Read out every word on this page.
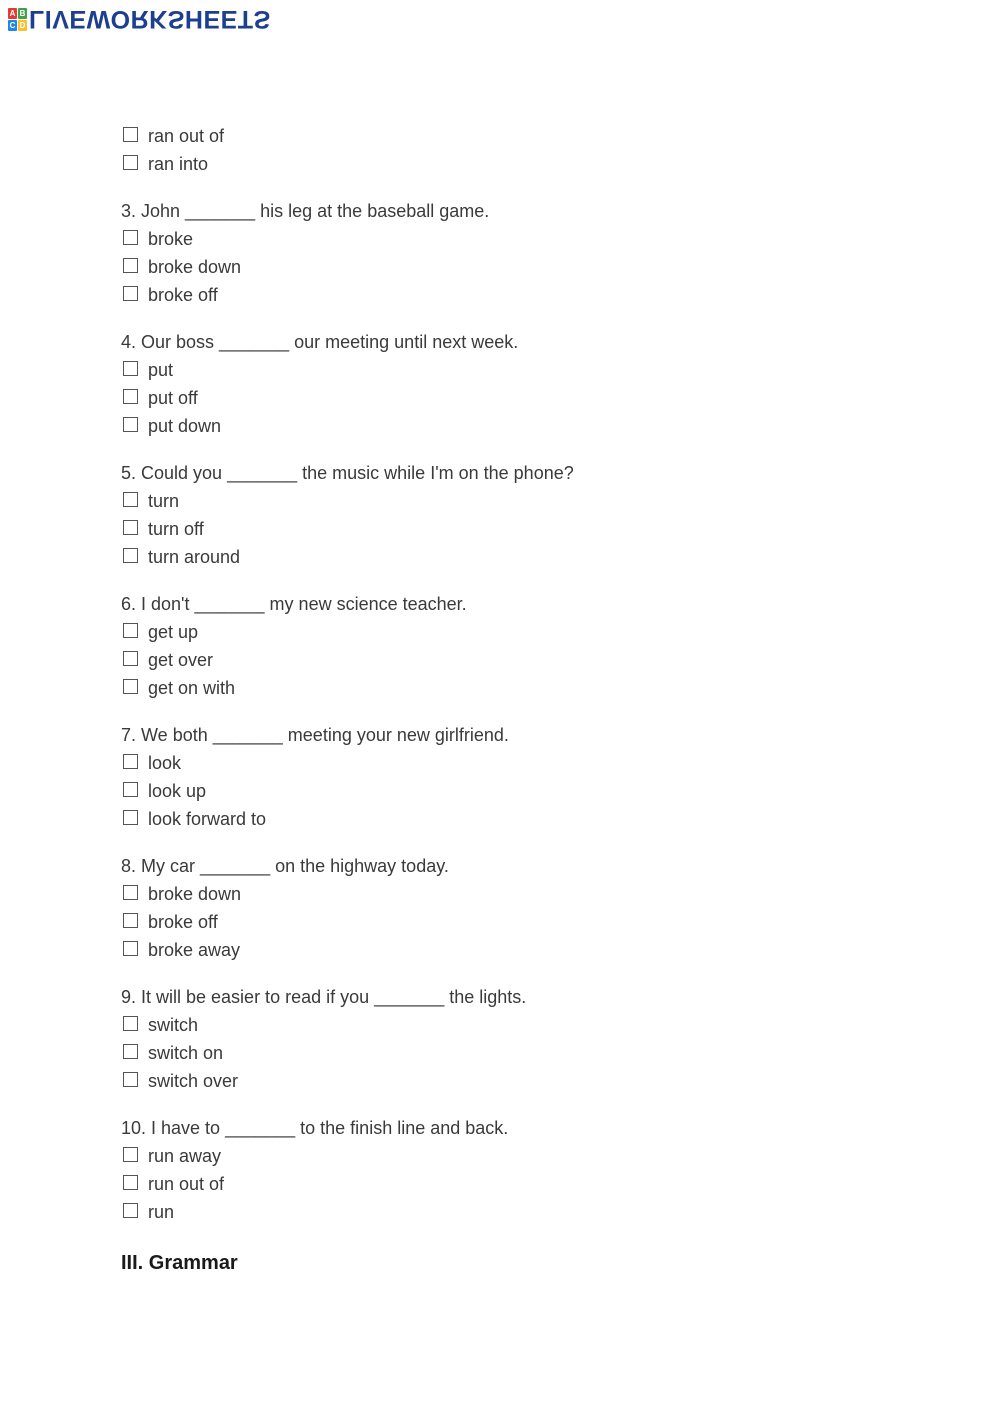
A B
C D LIVEWORKSHEETS
ran out of
ran into
3. John _______ his leg at the baseball game.
broke
broke down
broke off
4. Our boss _______ our meeting until next week.
put
put off
put down
5. Could you _______ the music while I'm on the phone?
turn
turn off
turn around
6. I don't _______ my new science teacher.
get up
get over
get on with
7. We both _______ meeting your new girlfriend.
look
look up
look forward to
8. My car _______ on the highway today.
broke down
broke off
broke away
9. It will be easier to read if you _______ the lights.
switch
switch on
switch over
10. I have to _______ to the finish line and back.
run away
run out of
run
III. Grammar
